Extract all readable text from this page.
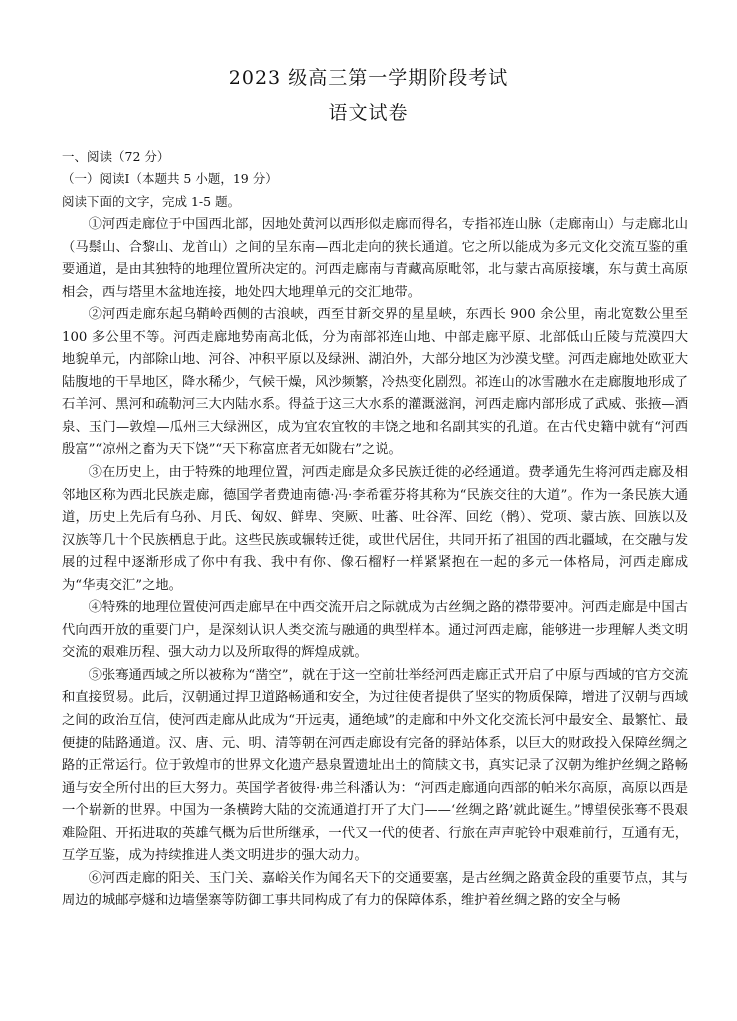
2023 级高三第一学期阶段考试
语文试卷
一、阅读（72 分）
（一）阅读Ⅰ（本题共 5 小题，19 分）
阅读下面的文字，完成 1-5 题。

①河西走廊位于中国西北部，因地处黄河以西形似走廊而得名，专指祁连山脉（走廊南山）与走廊北山（马鬃山、合黎山、龙首山）之间的呈东南—西北走向的狭长通道。它之所以能成为多元文化交流互鉴的重要通道，是由其独特的地理位置所决定的。河西走廊南与青藏高原毗邻，北与蒙古高原接壤，东与黄土高原相会，西与塔里木盆地连接，地处四大地理单元的交汇地带。

②河西走廊东起乌鞘岭西侧的古浪峡，西至甘新交界的星星峡，东西长 900 余公里，南北宽数公里至 100 多公里不等。河西走廊地势南高北低，分为南部祁连山地、中部走廊平原、北部低山丘陵与荒漠四大地貌单元，内部除山地、河谷、冲积平原以及绿洲、湖泊外，大部分地区为沙漠戈壁。河西走廊地处欧亚大陆腹地的干旱地区，降水稀少，气候干燥，风沙频繁，冷热变化剧烈。祁连山的冰雪融水在走廊腹地形成了石羊河、黑河和疏勒河三大内陆水系。得益于这三大水系的灌溉滋润，河西走廊内部形成了武威、张掖—酒泉、玉门—敦煌—瓜州三大绿洲区，成为宜农宜牧的丰饶之地和名副其实的孔道。在古代史籍中就有“河西殷富”“凉州之畜为天下饶”“天下称富庶者无如陇右”之说。

③在历史上，由于特殊的地理位置，河西走廊是众多民族迁徙的必经通道。费孝通先生将河西走廊及相邻地区称为西北民族走廊，德国学者费迪南德·冯·李希霍芬将其称为“民族交往的大道”。作为一条民族大通道，历史上先后有乌孙、月氏、匈奴、鲜卑、突厥、吐蕃、吐谷浑、回纥（鹘）、党项、蒙古族、回族以及汉族等几十个民族栖息于此。这些民族或辗转迁徙，或世代居住，共同开拓了祖国的西北疆域，在交融与发展的过程中逐渐形成了你中有我、我中有你、像石榴籽一样紧紧抱在一起的多元一体格局，河西走廊成为“华夷交汇”之地。

④特殊的地理位置使河西走廊早在中西交流开启之际就成为古丝绸之路的襟带要冲。河西走廊是中国古代向西开放的重要门户，是深刻认识人类交流与融通的典型样本。通过河西走廊，能够进一步理解人类文明交流的艰难历程、强大动力以及所取得的辉煌成就。

⑤张骞通西域之所以被称为“凿空”，就在于这一空前壮举经河西走廊正式开启了中原与西域的官方交流和直接贸易。此后，汉朝通过捍卫道路畅通和安全，为过往使者提供了坚实的物质保障，增进了汉朝与西域之间的政治互信，使河西走廊从此成为“开远夷，通绝域”的走廊和中外文化交流长河中最安全、最繁忙、最便捷的陆路通道。汉、唐、元、明、清等朝在河西走廊设有完备的驿站体系，以巨大的财政投入保障丝绸之路的正常运行。位于敦煌市的世界文化遗产悬泉置遗址出土的简牍文书，真实记录了汉朝为维护丝绸之路畅通与安全所付出的巨大努力。英国学者彼得·弗兰科潘认为：“河西走廊通向西部的帕米尔高原，高原以西是一个崭新的世界。中国为一条横跨大陆的交流通道打开了大门——‘丝绸之路’就此诞生。”博望侯张骞不畏艰难险阻、开拓进取的英雄气概为后世所继承，一代又一代的使者、行旅在声声驼铃中艰难前行，互通有无，互学互鉴，成为持续推进人类文明进步的强大动力。

⑥河西走廊的阳关、玉门关、嘉峪关作为闻名天下的交通要塞，是古丝绸之路黄金段的重要节点，其与周边的城邮亭燧和边墙堡寨等防御工事共同构成了有力的保障体系，维护着丝绸之路的安全与畅
